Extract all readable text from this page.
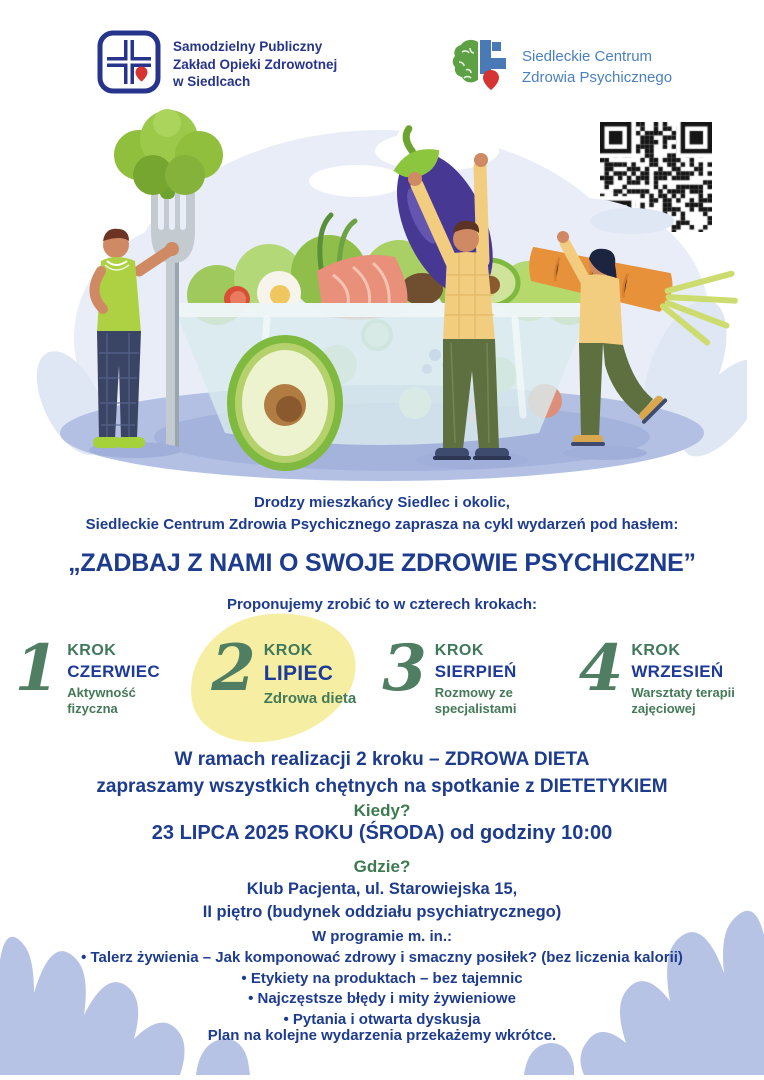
Samodzielny Publiczny
Zakład Opieki Zdrowotnej
w Siedlcach
Siedleckie Centrum
Zdrowia Psychicznego
Drodzy mieszkańcy Siedlec i okolic,
Siedleckie Centrum Zdrowia Psychicznego zaprasza na cykl wydarzeń pod hasłem:
„ZADBAJ Z NAMI O SWOJE ZDROWIE PSYCHICZNE”
Proponujemy zrobić to w czterech krokach:
1 KROK
CZERWIEC
Aktywność fizyczna
2 KROK
LIPIEC
Zdrowa dieta 3 KROK
SIERPIEŃ
Rozmowy ze specjalistami
4 KROK
WRZESIEŃ
Warsztaty terapii zajęciowej
W ramach realizacji 2 kroku – ZDROWA DIETA
zapraszamy wszystkich chętnych na spotkanie z DIETETYKIEM
Kiedy?
23 LIPCA 2025 ROKU (ŚRODA) od godziny 10:00
Gdzie?
Klub Pacjenta, ul. Starowiejska 15,
II piętro (budynek oddziału psychiatrycznego)
W programie m. in.:
• Talerz żywienia – Jak komponować zdrowy i smaczny posiłek? (bez liczenia kalorii)
• Etykiety na produktach – bez tajemnic
• Najczęstsze błędy i mity żywieniowe
• Pytania i otwarta dyskusja
Plan na kolejne wydarzenia przekażemy wkrótce.
